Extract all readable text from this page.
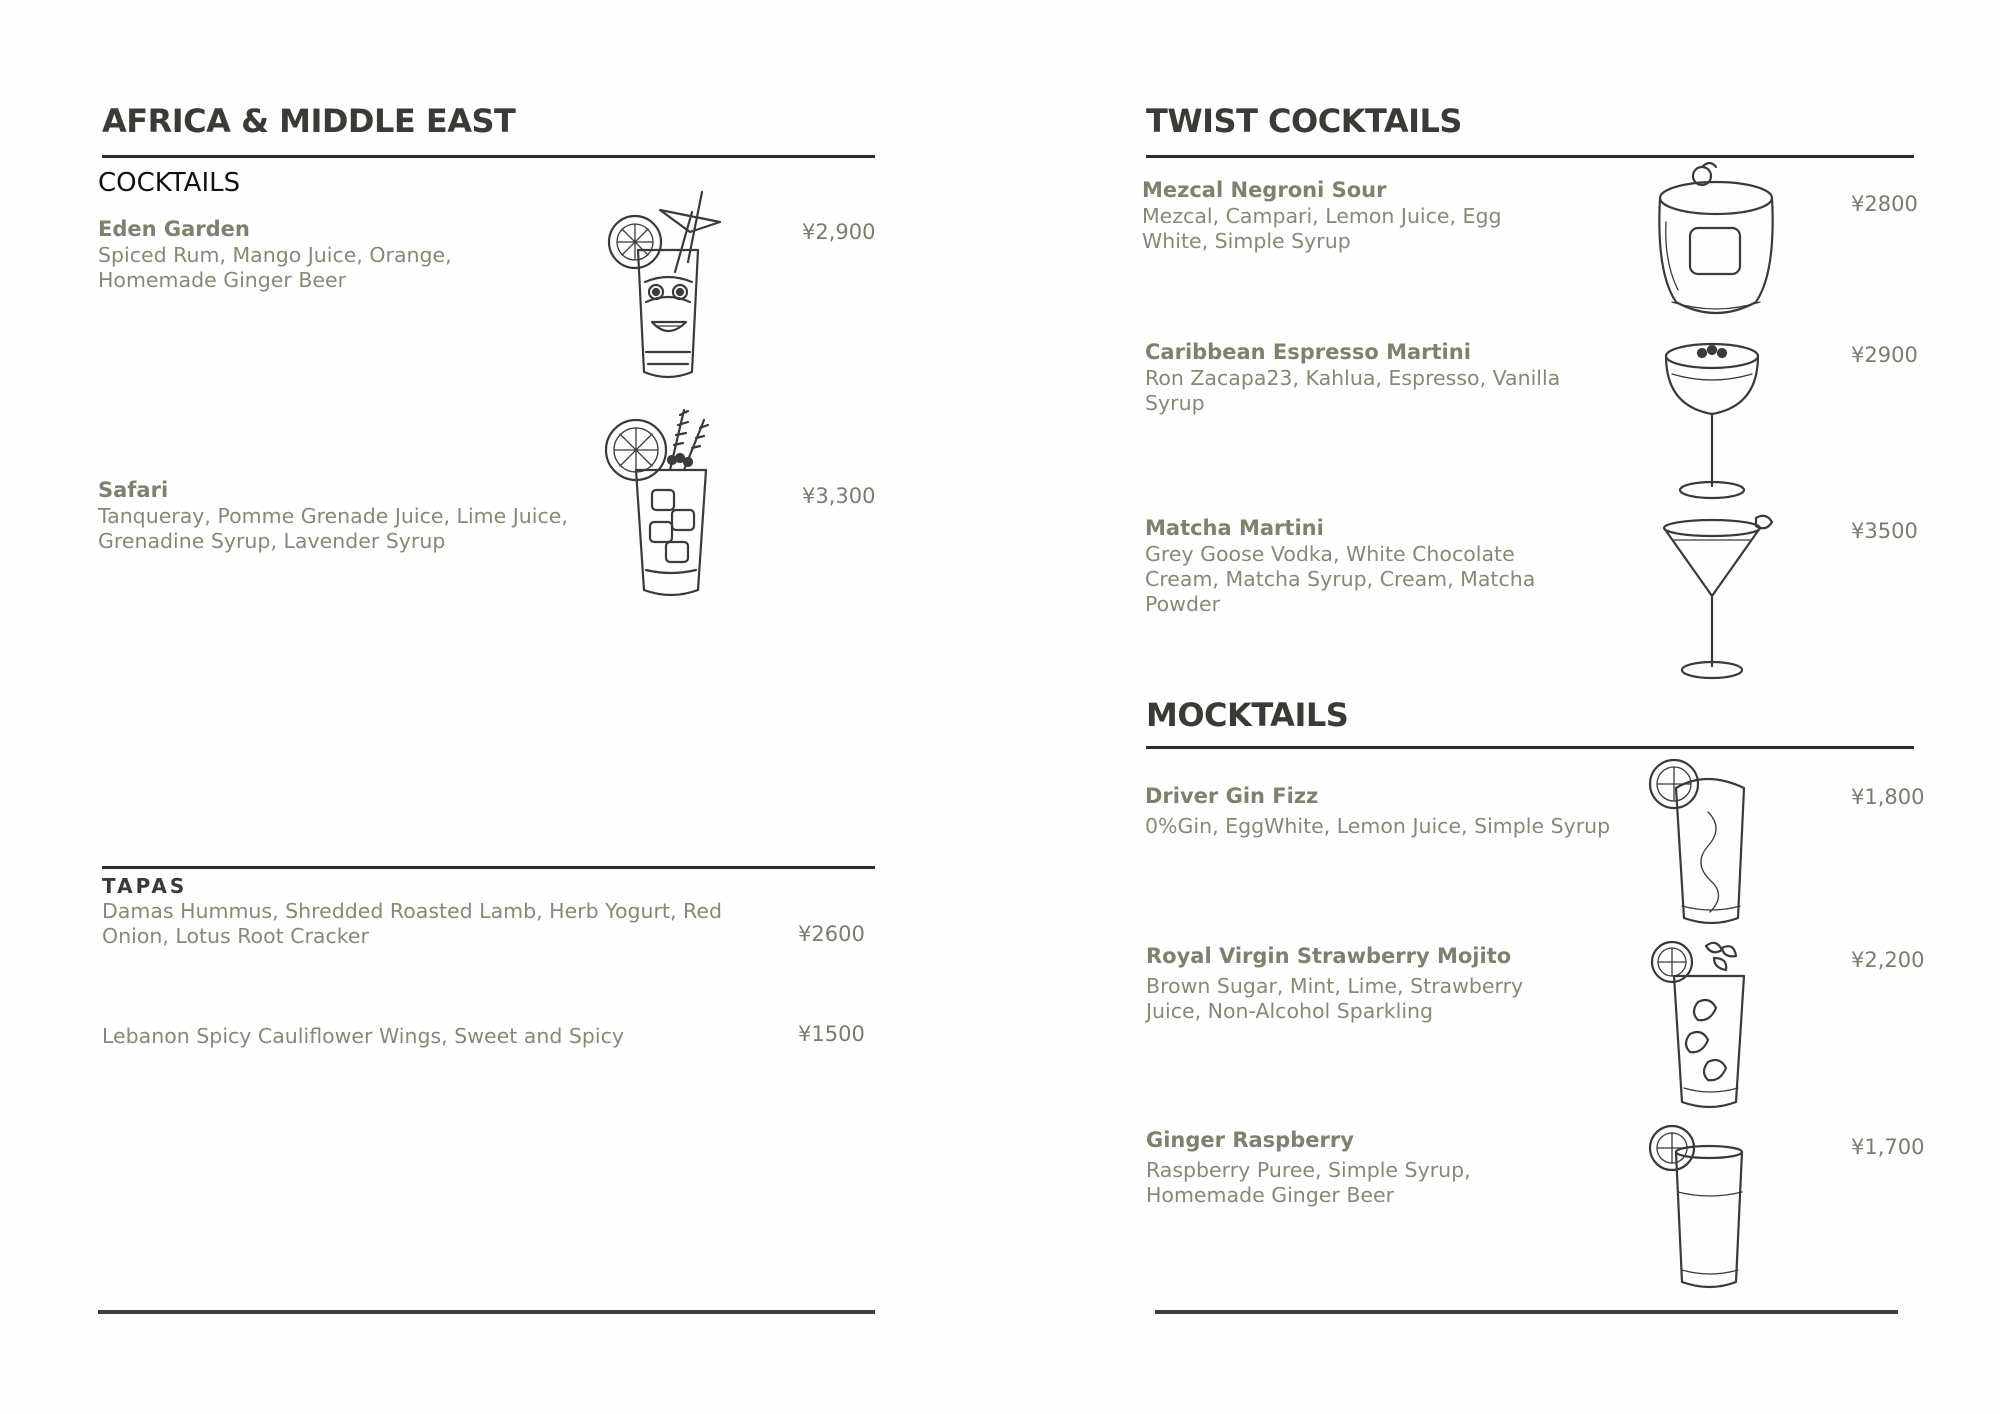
AFRICA & MIDDLE EAST
COCKTAILS
Eden Garden
Spiced Rum, Mango Juice, Orange, Homemade Ginger Beer
¥2,900
Safari
Tanqueray, Pomme Grenade Juice, Lime Juice, Grenadine Syrup, Lavender Syrup
¥3,300
TAPAS
Damas Hummus, Shredded Roasted Lamb, Herb Yogurt, Red Onion, Lotus Root Cracker	¥2600
Lebanon Spicy Cauliflower Wings, Sweet and Spicy	¥1500
TWIST COCKTAILS
Mezcal Negroni Sour
Mezcal, Campari, Lemon Juice, Egg White, Simple Syrup
¥2800
Caribbean Espresso Martini
Ron Zacapa23, Kahlua, Espresso, Vanilla Syrup
¥2900
Matcha Martini
Grey Goose Vodka, White Chocolate Cream, Matcha Syrup, Cream, Matcha Powder
¥3500
MOCKTAILS
Driver Gin Fizz
0%Gin, EggWhite, Lemon Juice, Simple Syrup
¥1,800
Royal Virgin Strawberry Mojito
Brown Sugar, Mint, Lime, Strawberry Juice, Non-Alcohol Sparkling
¥2,200
Ginger Raspberry
Raspberry Puree, Simple Syrup, Homemade Ginger Beer
¥1,700
